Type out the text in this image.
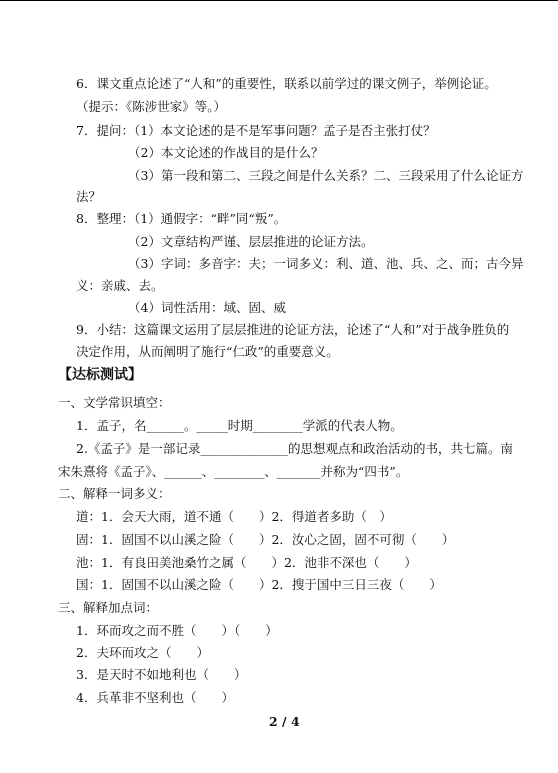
6．课文重点论述了“人和”的重要性，联系以前学过的课文例子，举例论证。
（提示：《陈涉世家》等。）
7．提问：（1）本文论述的是不是军事问题？孟子是否主张打仗？
（2）本文论述的作战目的是什么？
（3）第一段和第二、三段之间是什么关系？二、三段采用了什么论证方
法？
8．整理：（1）通假字：“畔”同“叛”。
（2）文章结构严谨、层层推进的论证方法。
（3）字词：多音字：夫；一词多义：利、道、池、兵、之、而；古今异
义：亲戚、去。
（4）词性活用：域、固、威
9．小结：这篇课文运用了层层推进的论证方法，论述了“人和”对于战争胜负的
决定作用，从而阐明了施行“仁政”的重要意义。
【达标测试】
一、文学常识填空：
1．孟子，名______。_____时期________学派的代表人物。
2.《孟子》是一部记录______________的思想观点和政治活动的书，共七篇。南
宋朱熹将《孟子》、______、________、_______并称为“四书”。
二、解释一词多义：
道：1．会天大雨，道不通（　　）2．得道者多助（　）
固：1．固国不以山溪之险（　　）2．汝心之固，固不可彻（　　）
池：1．有良田美池桑竹之属（　　）2．池非不深也（　　）
国：1．固国不以山溪之险（　　）2．搜于国中三日三夜（　　）
三、解释加点词：
1．环而攻之而不胜（　　）（　　）
2．夫环而攻之（　　）
3．是天时不如地利也（　　）
4．兵革非不坚利也（　　）
2 / 4
